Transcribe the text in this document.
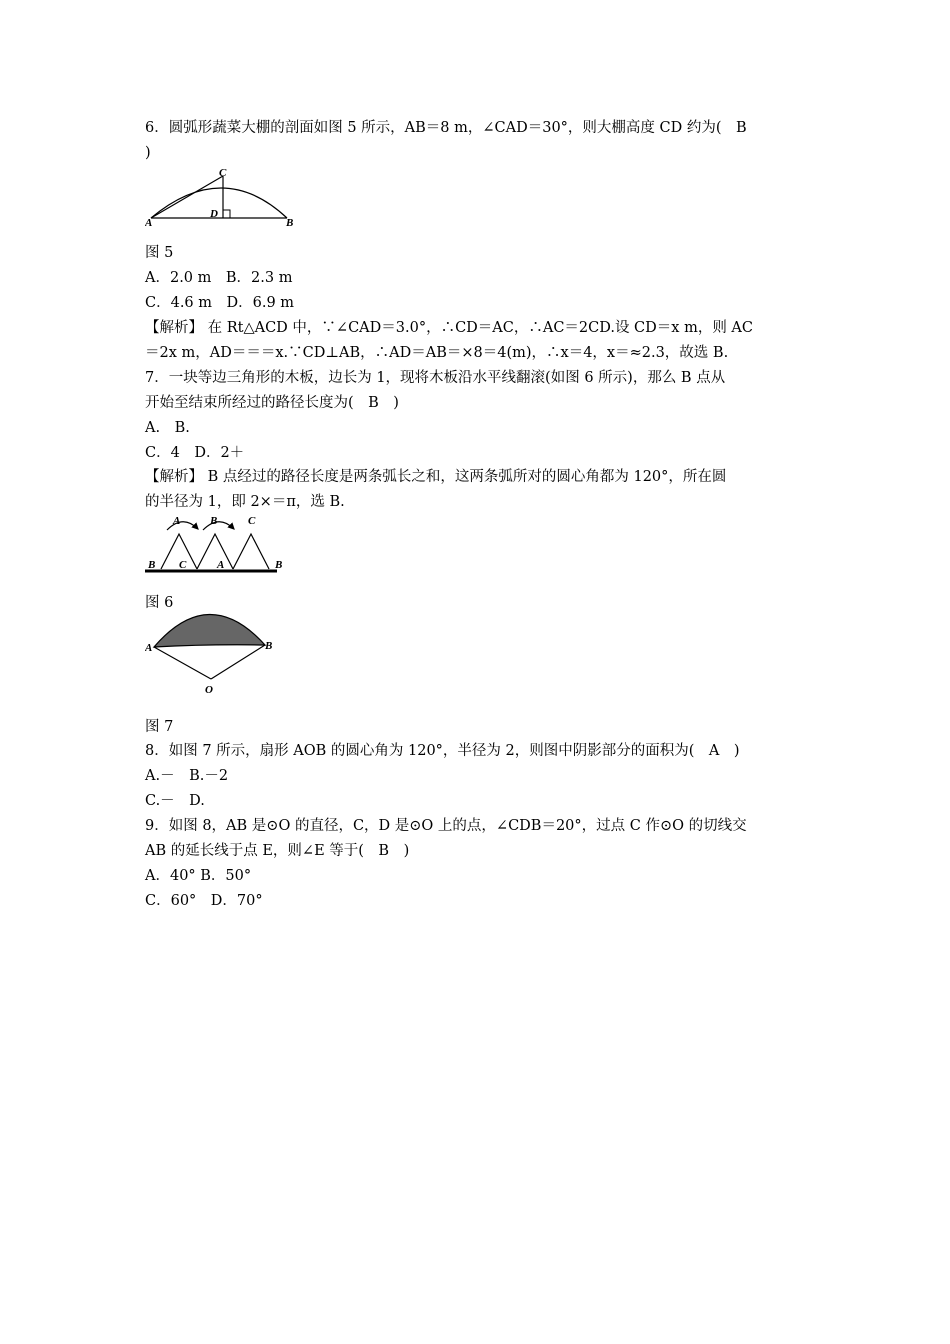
6．圆弧形蔬菜大棚的剖面如图 5 所示，AB＝8 m，∠CAD＝30°，则大棚高度 CD 约为(　B
)
A	B
C
D
图 5
A．2.0 m　B．2.3 m
C．4.6 m　D．6.9 m
【解析】 在 Rt△ACD 中，∵∠CAD＝3.0°，∴CD＝AC，∴AC＝2CD.设 CD＝x m，则 AC
＝2x m，AD＝＝＝x.∵CD⊥AB，∴AD＝AB＝×8＝4(m)，∴x＝4，x＝≈2.3，故选 B.
7．一块等边三角形的木板，边长为 1，现将木板沿水平线翻滚(如图 6 所示)，那么 B 点从
开始至结束所经过的路径长度为(　B　)
A.　B.
C．4　D．2＋
【解析】 B 点经过的路径长度是两条弧长之和，这两条弧所对的圆心角都为 120°，所在圆
的半径为 1，即 2×＝π，选 B.
A	B	C
B C	A	B
图 6
A	B
O
图 7
8．如图 7 所示，扇形 AOB 的圆心角为 120°，半径为 2，则图中阴影部分的面积为(　A　)
A.－　B.－2
C.－　D.
9．如图 8，AB 是⊙O 的直径，C，D 是⊙O 上的点，∠CDB＝20°，过点 C 作⊙O 的切线交
AB 的延长线于点 E，则∠E 等于(　B　)
A．40° B．50°
C．60°　D．70°
